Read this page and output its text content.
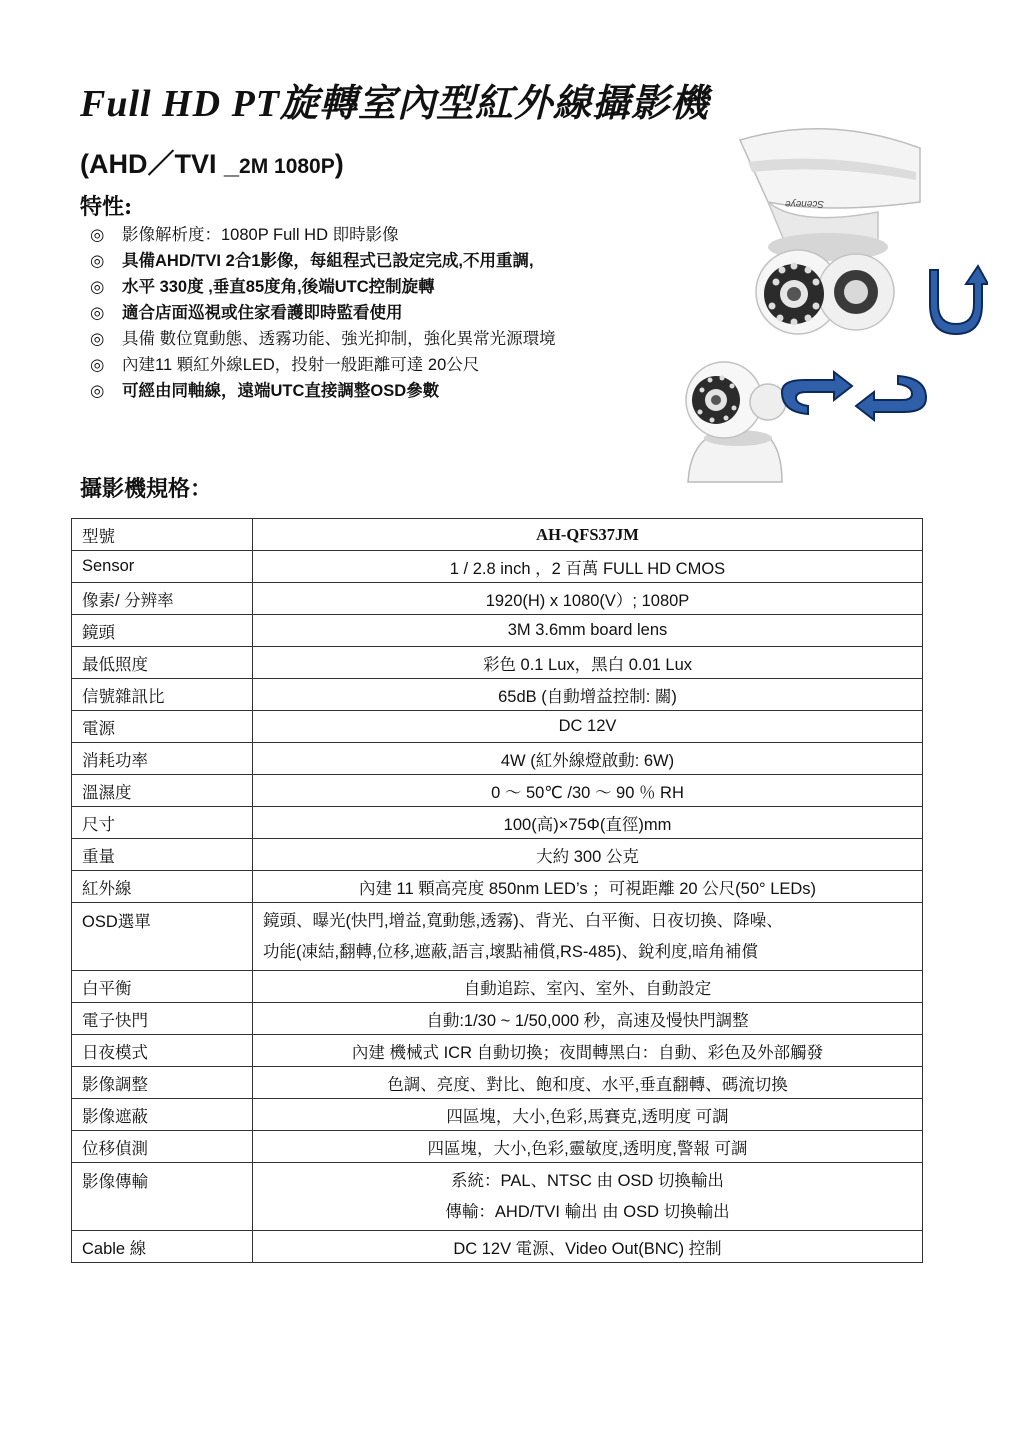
Full HD PT旋轉室內型紅外線攝影機
(AHD／TVI _2M 1080P)
特性:
◎ 影像解析度：1080P Full HD 即時影像
◎ 具備AHD/TVI 2合1影像，每組程式已設定完成,不用重調,
◎ 水平 330度 ,垂直85度角,後端UTC控制旋轉
◎ 適合店面巡視或住家看護即時監看使用
◎ 具備 數位寬動態、透霧功能、強光抑制，強化異常光源環境
◎ 內建11 顆紅外線LED，投射一般距離可達 20公尺
◎ 可經由同軸線，遠端UTC直接調整OSD參數
Sceneye
攝影機規格：
型號	AH-QFS37JM
Sensor	1 / 2.8 inch ，2 百萬 FULL HD CMOS
像素/ 分辨率	1920(H) x 1080(V）; 1080P
鏡頭	3M 3.6mm board lens
最低照度	彩色 0.1 Lux，黑白 0.01 Lux
信號雜訊比	65dB (自動增益控制: 關)
電源	DC 12V
消耗功率	4W (紅外線燈啟動: 6W)
溫濕度	0 ～ 50℃ /30 ～ 90 ％ RH
尺寸	100(高)×75Φ(直徑)mm
重量	大約 300 公克
紅外線	內建 11 顆高亮度 850nm LED’s ；可視距離 20 公尺(50° LEDs)
OSD選單	鏡頭、曝光(快門,增益,寬動態,透霧)、背光、白平衡、日夜切換、降噪、
功能(凍結,翻轉,位移,遮蔽,語言,壞點補償,RS-485)、銳利度,暗角補償

白平衡	自動追踪、室內、室外、自動設定
電子快門	自動:1/30 ~ 1/50,000 秒，高速及慢快門調整
日夜模式	內建 機械式 ICR 自動切換；夜間轉黑白：自動、彩色及外部觸發
影像調整	色調、亮度、對比、飽和度、水平,垂直翻轉、碼流切換
影像遮蔽	四區塊，大小,色彩,馬賽克,透明度 可調
位移偵測	四區塊，大小,色彩,靈敏度,透明度,警報 可調
影像傳輸	系統：PAL、NTSC 由 OSD 切換輸出
傳輸：AHD/TVI 輸出 由 OSD 切換輸出

Cable 線	DC 12V 電源、Video Out(BNC) 控制
